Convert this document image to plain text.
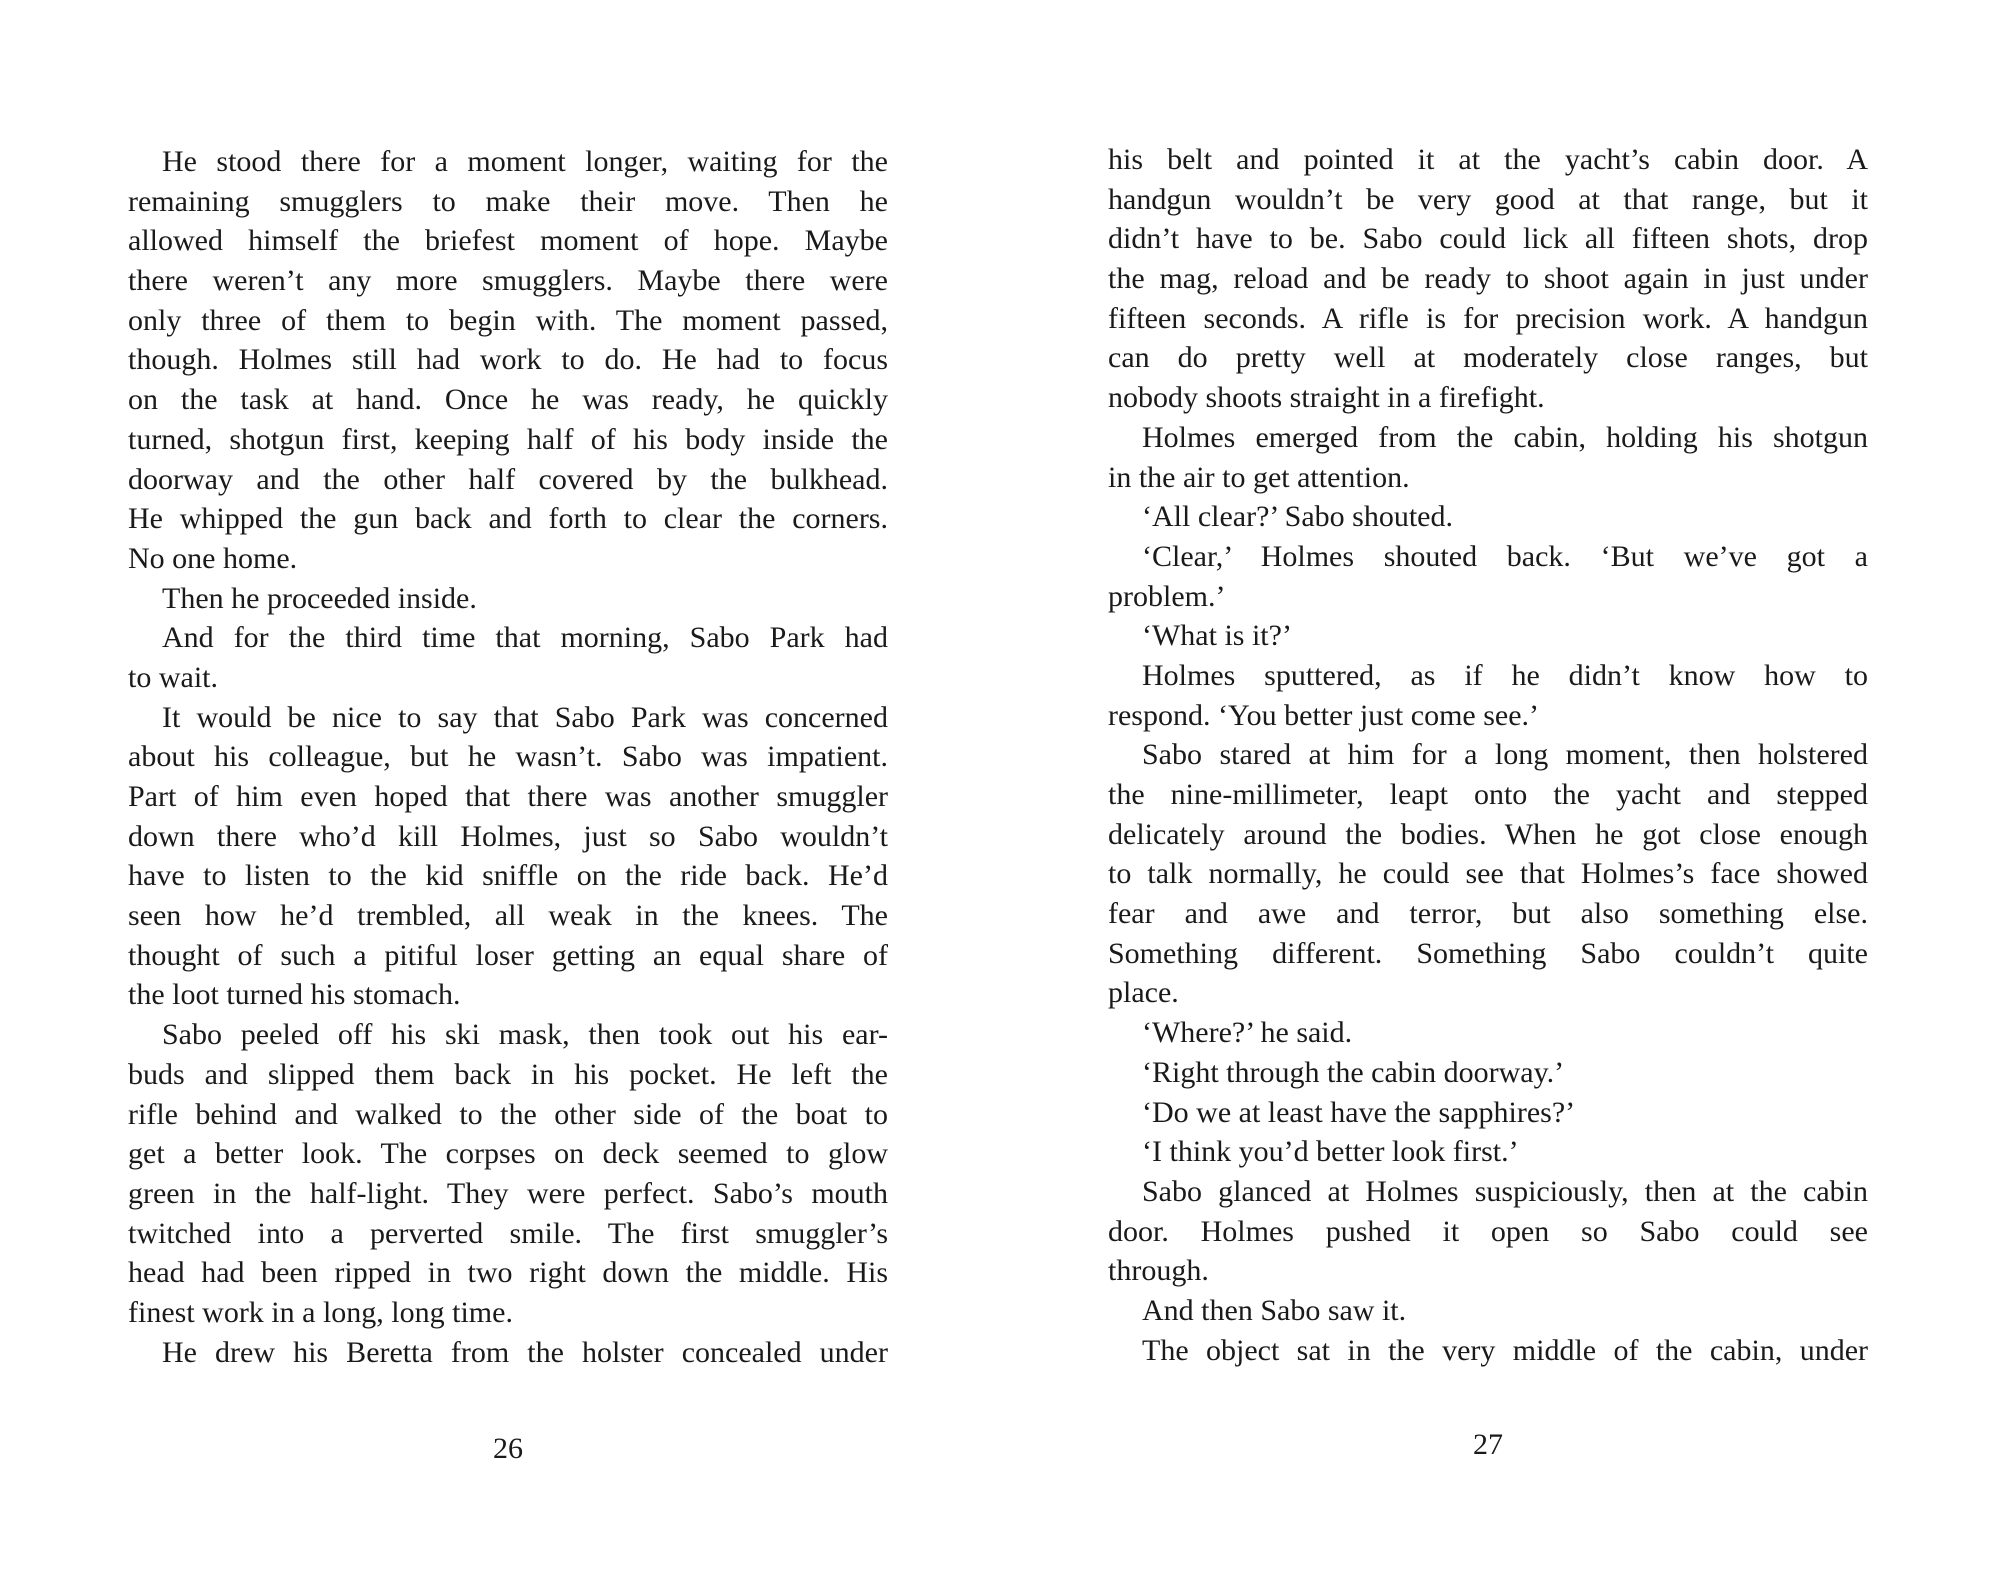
He stood there for a moment longer, waiting for the
remaining smugglers to make their move. Then he
allowed himself the briefest moment of hope. Maybe
there weren’t any more smugglers. Maybe there were
only three of them to begin with. The moment passed,
though. Holmes still had work to do. He had to focus
on the task at hand. Once he was ready, he quickly
turned, shotgun first, keeping half of his body inside the
doorway and the other half covered by the bulkhead.
He whipped the gun back and forth to clear the corners.
No one home.
Then he proceeded inside.
And for the third time that morning, Sabo Park had
to wait.
It would be nice to say that Sabo Park was concerned
about his colleague, but he wasn’t. Sabo was impatient.
Part of him even hoped that there was another smuggler
down there who’d kill Holmes, just so Sabo wouldn’t
have to listen to the kid sniffle on the ride back. He’d
seen how he’d trembled, all weak in the knees. The
thought of such a pitiful loser getting an equal share of
the loot turned his stomach.
Sabo peeled off his ski mask, then took out his ear-
buds and slipped them back in his pocket. He left the
rifle behind and walked to the other side of the boat to
get a better look. The corpses on deck seemed to glow
green in the half-light. They were perfect. Sabo’s mouth
twitched into a perverted smile. The first smuggler’s
head had been ripped in two right down the middle. His
finest work in a long, long time.
He drew his Beretta from the holster concealed under
26
his belt and pointed it at the yacht’s cabin door. A
handgun wouldn’t be very good at that range, but it
didn’t have to be. Sabo could lick all fifteen shots, drop
the mag, reload and be ready to shoot again in just under
fifteen seconds. A rifle is for precision work. A handgun
can do pretty well at moderately close ranges, but
nobody shoots straight in a firefight.
Holmes emerged from the cabin, holding his shotgun
in the air to get attention.
‘All clear?’ Sabo shouted.
‘Clear,’ Holmes shouted back. ‘But we’ve got a
problem.’
‘What is it?’
Holmes sputtered, as if he didn’t know how to
respond. ‘You better just come see.’
Sabo stared at him for a long moment, then holstered
the nine-millimeter, leapt onto the yacht and stepped
delicately around the bodies. When he got close enough
to talk normally, he could see that Holmes’s face showed
fear and awe and terror, but also something else.
Something different. Something Sabo couldn’t quite
place.
‘Where?’ he said.
‘Right through the cabin doorway.’
‘Do we at least have the sapphires?’
‘I think you’d better look first.’
Sabo glanced at Holmes suspiciously, then at the cabin
door. Holmes pushed it open so Sabo could see
through.
And then Sabo saw it.
The object sat in the very middle of the cabin, under
27
